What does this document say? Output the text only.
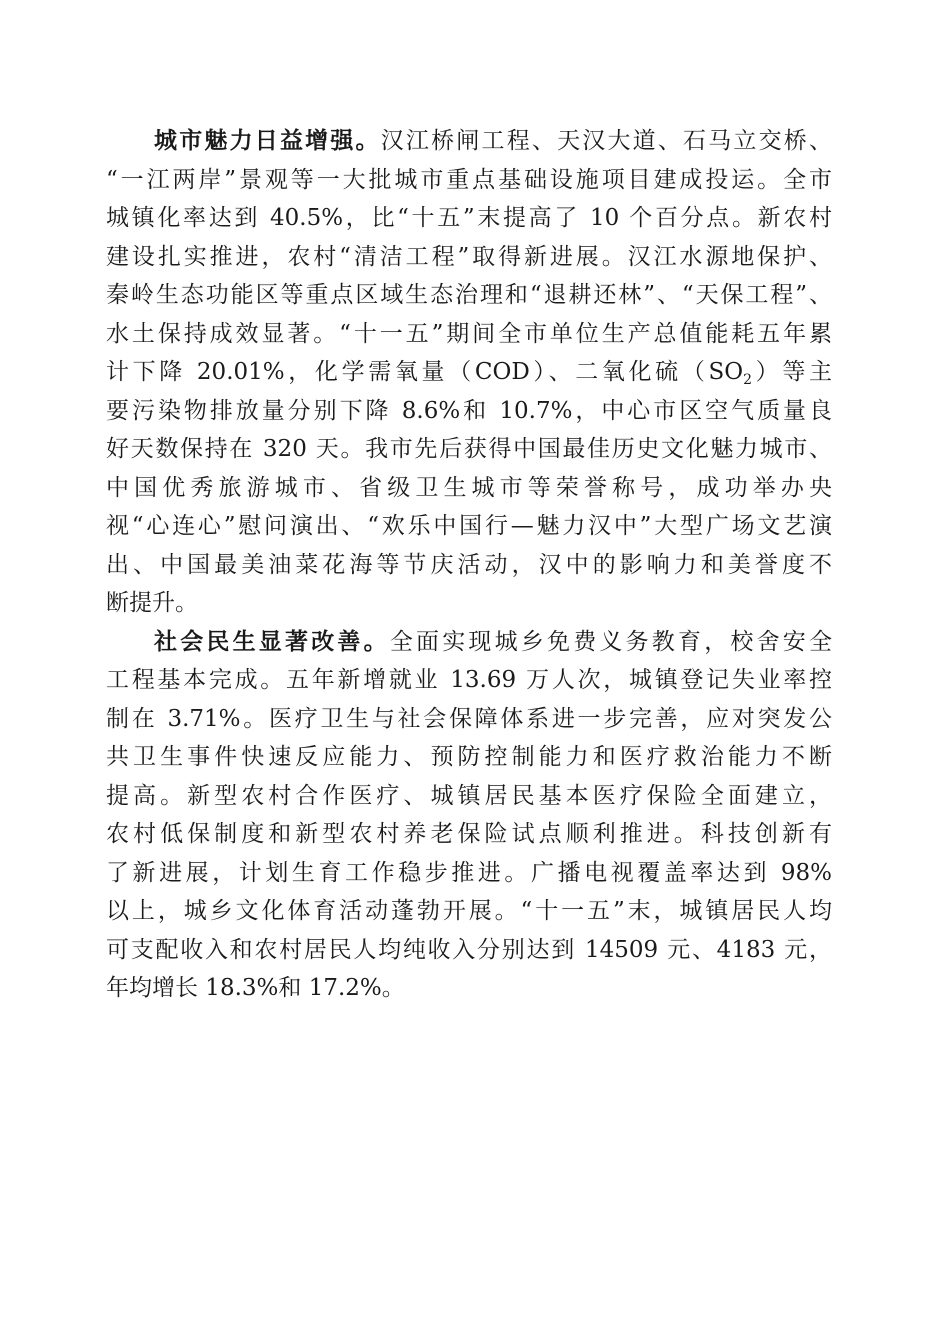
城市魅力日益增强。汉江桥闸工程、天汉大道、石马立交桥、
“一江两岸”景观等一大批城市重点基础设施项目建成投运。全市
城镇化率达到 40.5%，比“十五”末提高了 10 个百分点。新农村
建设扎实推进，农村“清洁工程”取得新进展。汉江水源地保护、
秦岭生态功能区等重点区域生态治理和“退耕还林”、“天保工程”、
水土保持成效显著。“十一五”期间全市单位生产总值能耗五年累
计下降 20.01%，化学需氧量（COD）、二氧化硫$(SO_2)$等主
要污染物排放量分别下降 8.6%和 10.7%，中心市区空气质量良
好天数保持在 320 天。我市先后获得中国最佳历史文化魅力城市、
中国优秀旅游城市、省级卫生城市等荣誉称号，成功举办央
视“心连心”慰问演出、“欢乐中国行—魅力汉中”大型广场文艺演
出、中国最美油菜花海等节庆活动，汉中的影响力和美誉度不
断提升。
社会民生显著改善。全面实现城乡免费义务教育，校舍安全
工程基本完成。五年新增就业 13.69 万人次，城镇登记失业率控
制在 3.71%。医疗卫生与社会保障体系进一步完善，应对突发公
共卫生事件快速反应能力、预防控制能力和医疗救治能力不断
提高。新型农村合作医疗、城镇居民基本医疗保险全面建立，
农村低保制度和新型农村养老保险试点顺利推进。科技创新有
了新进展，计划生育工作稳步推进。广播电视覆盖率达到 98%
以上，城乡文化体育活动蓬勃开展。“十一五”末，城镇居民人均
可支配收入和农村居民人均纯收入分别达到 14509 元、4183 元，
年均增长 18.3%和 17.2%。
